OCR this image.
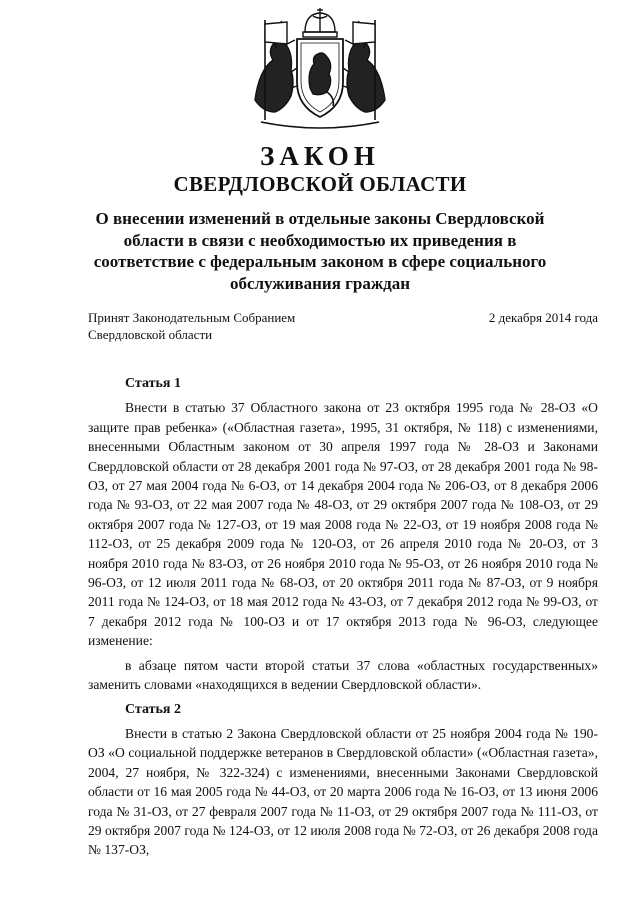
ЗАКОН
СВЕРДЛОВСКОЙ ОБЛАСТИ
О внесении изменений в отдельные законы Свердловской области в связи с необходимостью их приведения в соответствие с федеральным законом в сфере социального обслуживания граждан
Принят Законодательным Собранием
Свердловской области
2 декабря 2014 года
Статья 1

Внести в статью 37 Областного закона от 23 октября 1995 года № 28-ОЗ «О защите прав ребенка» («Областная газета», 1995, 31 октября, № 118) с изменениями, внесенными Областным законом от 30 апреля 1997 года № 28-ОЗ и Законами Свердловской области от 28 декабря 2001 года № 97-ОЗ, от 28 декабря 2001 года № 98-ОЗ, от 27 мая 2004 года № 6-ОЗ, от 14 декабря 2004 года № 206-ОЗ, от 8 декабря 2006 года № 93-ОЗ, от 22 мая 2007 года № 48-ОЗ, от 29 октября 2007 года № 108-ОЗ, от 29 октября 2007 года № 127-ОЗ, от 19 мая 2008 года № 22-ОЗ, от 19 ноября 2008 года № 112-ОЗ, от 25 декабря 2009 года № 120-ОЗ, от 26 апреля 2010 года № 20-ОЗ, от 3 ноября 2010 года № 83-ОЗ, от 26 ноября 2010 года № 95-ОЗ, от 26 ноября 2010 года № 96-ОЗ, от 12 июля 2011 года № 68-ОЗ, от 20 октября 2011 года № 87-ОЗ, от 9 ноября 2011 года № 124-ОЗ, от 18 мая 2012 года № 43-ОЗ, от 7 декабря 2012 года № 99-ОЗ, от 7 декабря 2012 года № 100-ОЗ и от 17 октября 2013 года № 96-ОЗ, следующее изменение:

в абзаце пятом части второй статьи 37 слова «областных государственных» заменить словами «находящихся в ведении Свердловской области».

Статья 2

Внести в статью 2 Закона Свердловской области от 25 ноября 2004 года № 190-ОЗ «О социальной поддержке ветеранов в Свердловской области» («Областная газета», 2004, 27 ноября, № 322-324) с изменениями, внесенными Законами Свердловской области от 16 мая 2005 года № 44-ОЗ, от 20 марта 2006 года № 16-ОЗ, от 13 июня 2006 года № 31-ОЗ, от 27 февраля 2007 года № 11-ОЗ, от 29 октября 2007 года № 111-ОЗ, от 29 октября 2007 года № 124-ОЗ, от 12 июля 2008 года № 72-ОЗ, от 26 декабря 2008 года № 137-ОЗ,
